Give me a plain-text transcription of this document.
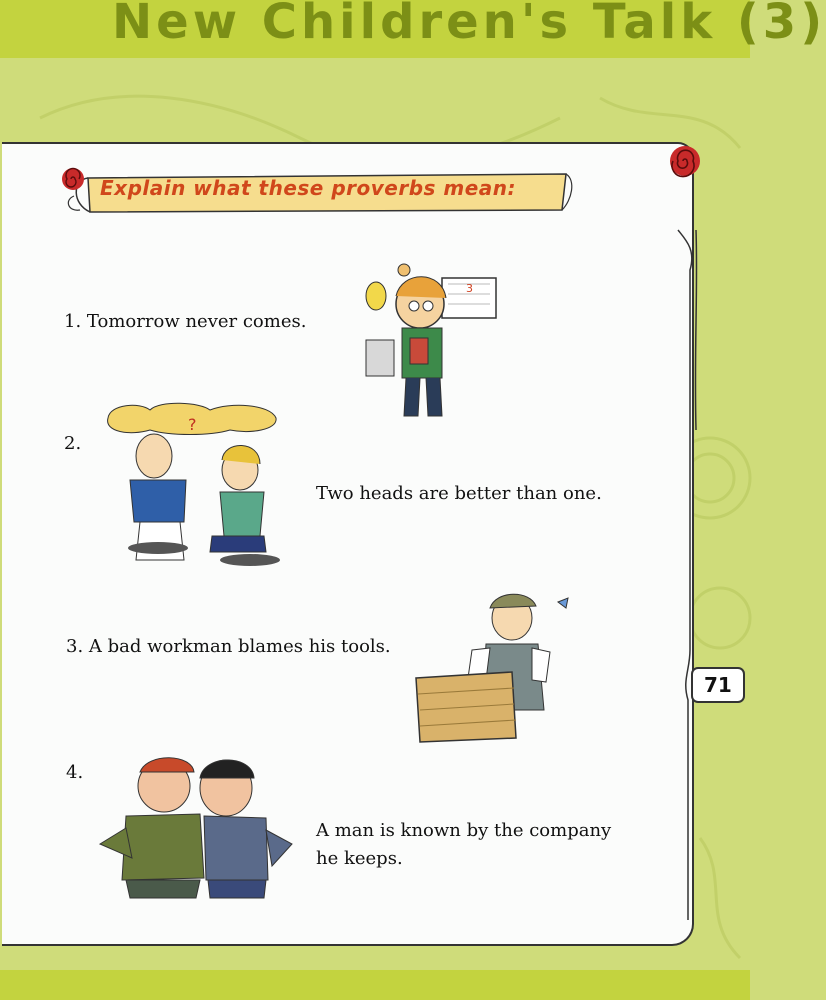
New Children's Talk (3)

Explain what these proverbs mean:

1. Tomorrow never comes.

3

2.

?

Two heads are better than one.

3. A bad workman blames his tools.

4.

A man is known by the company

he keeps.

71
